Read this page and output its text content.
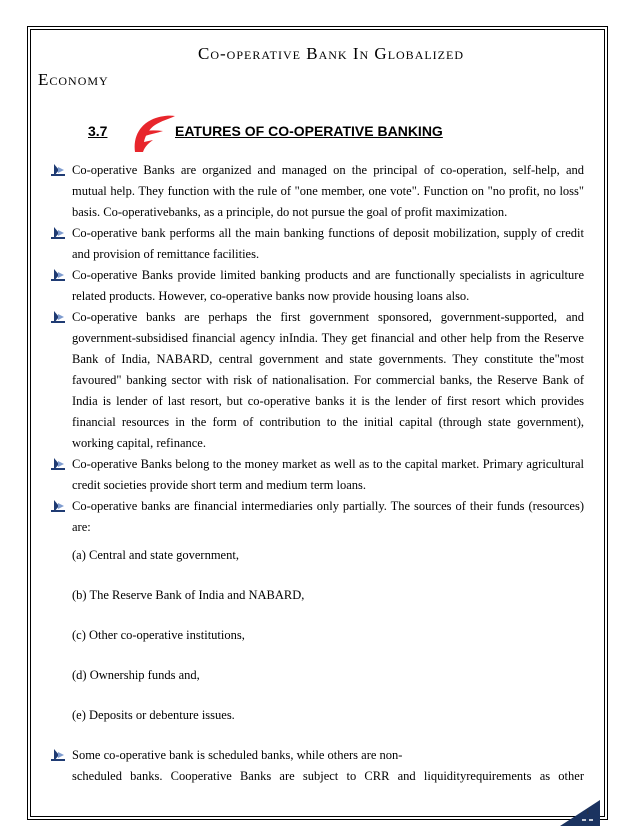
Co-operative Bank In Globalized
Economy
3.7	EATURES OF CO-OPERATIVE BANKING

Co-operative Banks are organized and managed on the principal of co-operation, self-help, and mutual help. They function with the rule of "one member, one vote". Function on "no profit, no loss" basis. Co-operativebanks, as a principle, do not pursue the goal of profit maximization.

Co-operative bank performs all the main banking functions of deposit mobilization, supply of credit and provision of remittance facilities.

Co-operative Banks provide limited banking products and are functionally specialists in agriculture related products. However, co-operative banks now provide housing loans also.

Co-operative banks are perhaps the first government sponsored, government-supported, and government-subsidised financial agency inIndia. They get financial and other help from the Reserve Bank of India, NABARD, central government and state governments. They constitute the"most favoured" banking sector with risk of nationalisation. For commercial banks, the Reserve Bank of India is lender of last resort, but co-operative banks it is the lender of first resort which provides financial resources in the form of contribution to the initial capital (through state government), working capital, refinance.

Co-operative Banks belong to the money market as well as to the capital market. Primary agricultural credit societies provide short term and medium term loans.

Co-operative banks are financial intermediaries only partially. The sources of their funds (resources) are:

(a) Central and state government,

(b) The Reserve Bank of India and NABARD,

(c) Other co-operative institutions,

(d) Ownership funds and,

(e) Deposits or debenture issues.

Some co-operative bank is scheduled banks, while others are non-

scheduled banks. Cooperative Banks are subject to CRR and liquidityrequirements as other

1
